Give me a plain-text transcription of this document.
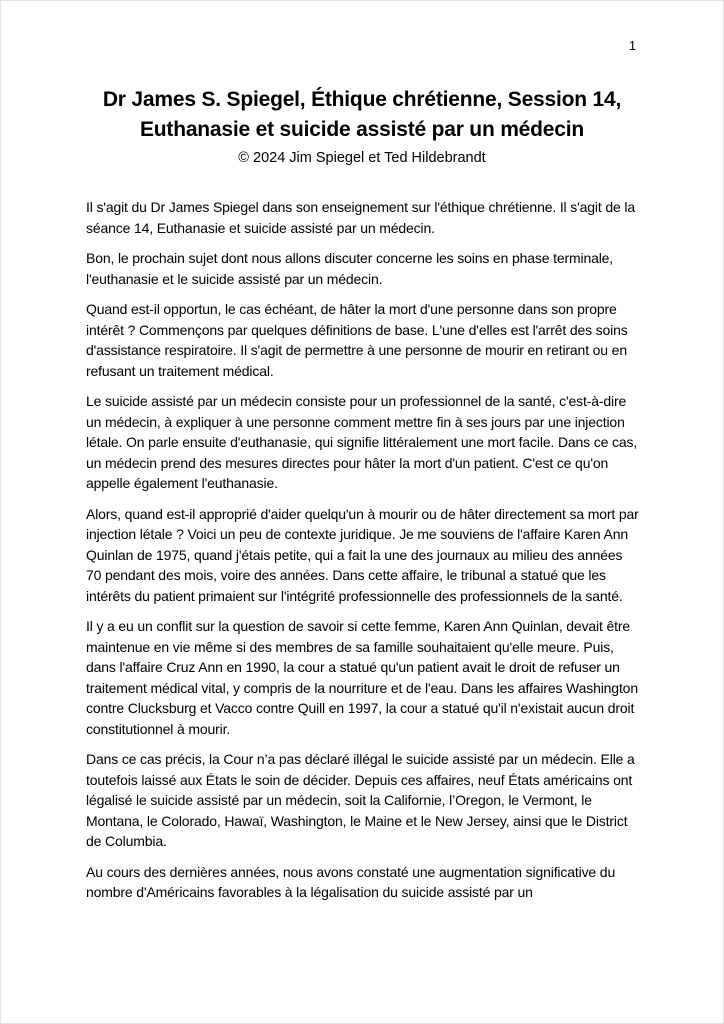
1
Dr James S. Spiegel, Éthique chrétienne, Session 14,
Euthanasie et suicide assisté par un médecin
© 2024 Jim Spiegel et Ted Hildebrandt

Il s'agit du Dr James Spiegel dans son enseignement sur l'éthique chrétienne. Il s'agit de la séance 14, Euthanasie et suicide assisté par un médecin.

Bon, le prochain sujet dont nous allons discuter concerne les soins en phase terminale, l'euthanasie et le suicide assisté par un médecin.

Quand est-il opportun, le cas échéant, de hâter la mort d'une personne dans son propre intérêt ? Commençons par quelques définitions de base. L'une d'elles est l'arrêt des soins d'assistance respiratoire. Il s'agit de permettre à une personne de mourir en retirant ou en refusant un traitement médical.

Le suicide assisté par un médecin consiste pour un professionnel de la santé, c'est-à-dire un médecin, à expliquer à une personne comment mettre fin à ses jours par une injection létale. On parle ensuite d'euthanasie, qui signifie littéralement une mort facile. Dans ce cas, un médecin prend des mesures directes pour hâter la mort d'un patient. C'est ce qu'on appelle également l'euthanasie.

Alors, quand est-il approprié d'aider quelqu'un à mourir ou de hâter directement sa mort par injection létale ? Voici un peu de contexte juridique. Je me souviens de l'affaire Karen Ann Quinlan de 1975, quand j'étais petite, qui a fait la une des journaux au milieu des années 70 pendant des mois, voire des années. Dans cette affaire, le tribunal a statué que les intérêts du patient primaient sur l'intégrité professionnelle des professionnels de la santé.

Il y a eu un conflit sur la question de savoir si cette femme, Karen Ann Quinlan, devait être maintenue en vie même si des membres de sa famille souhaitaient qu'elle meure. Puis, dans l'affaire Cruz Ann en 1990, la cour a statué qu'un patient avait le droit de refuser un traitement médical vital, y compris de la nourriture et de l'eau. Dans les affaires Washington contre Clucksburg et Vacco contre Quill en 1997, la cour a statué qu'il n'existait aucun droit constitutionnel à mourir.

Dans ce cas précis, la Cour n’a pas déclaré illégal le suicide assisté par un médecin. Elle a toutefois laissé aux États le soin de décider. Depuis ces affaires, neuf États américains ont légalisé le suicide assisté par un médecin, soit la Californie, l’Oregon, le Vermont, le Montana, le Colorado, Hawaï, Washington, le Maine et le New Jersey, ainsi que le District de Columbia.

Au cours des dernières années, nous avons constaté une augmentation significative du nombre d'Américains favorables à la légalisation du suicide assisté par un
